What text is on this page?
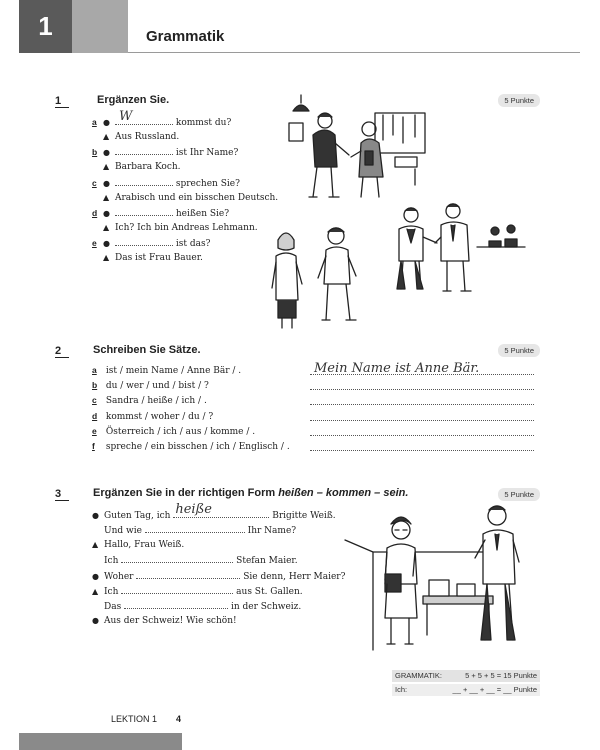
1	Grammatik
1	Ergänzen Sie.	5 Punkte
a ● W	kommst du?
▲ Aus Russland.
b ●	ist Ihr Name?
▲ Barbara Koch.
c ●	sprechen Sie?
▲ Arabisch und ein bisschen Deutsch.
d ●	heißen Sie?
▲ Ich? Ich bin Andreas Lehmann.
e ●	ist das?
▲ Das ist Frau Bauer.
2	Schreiben Sie Sätze.	5 Punkte
a ist / mein Name / Anne Bär / .
b du / wer / und / bist / ?
c Sandra / heiße / ich / .
d kommst / woher / du / ?
e Österreich / ich / aus / komme / .
f spreche / ein bisschen / ich / Englisch / .
Mein Name ist Anne Bär.
3	Ergänzen Sie in der richtigen Form heißen – kommen – sein.	5 Punkte
● Guten Tag, ich heiße	Brigitte Weiß.
Und wie	Ihr Name?
▲ Hallo, Frau Weiß.
Ich	Stefan Maier.
● Woher	Sie denn, Herr Maier?
▲ Ich	aus St. Gallen.
Das	in der Schweiz.
● Aus der Schweiz! Wie schön!
GRAMMATIK:	5 + 5 + 5 = 15 Punkte
Ich:	__ + __ + __ = __ Punkte
LEKTION 1 4
